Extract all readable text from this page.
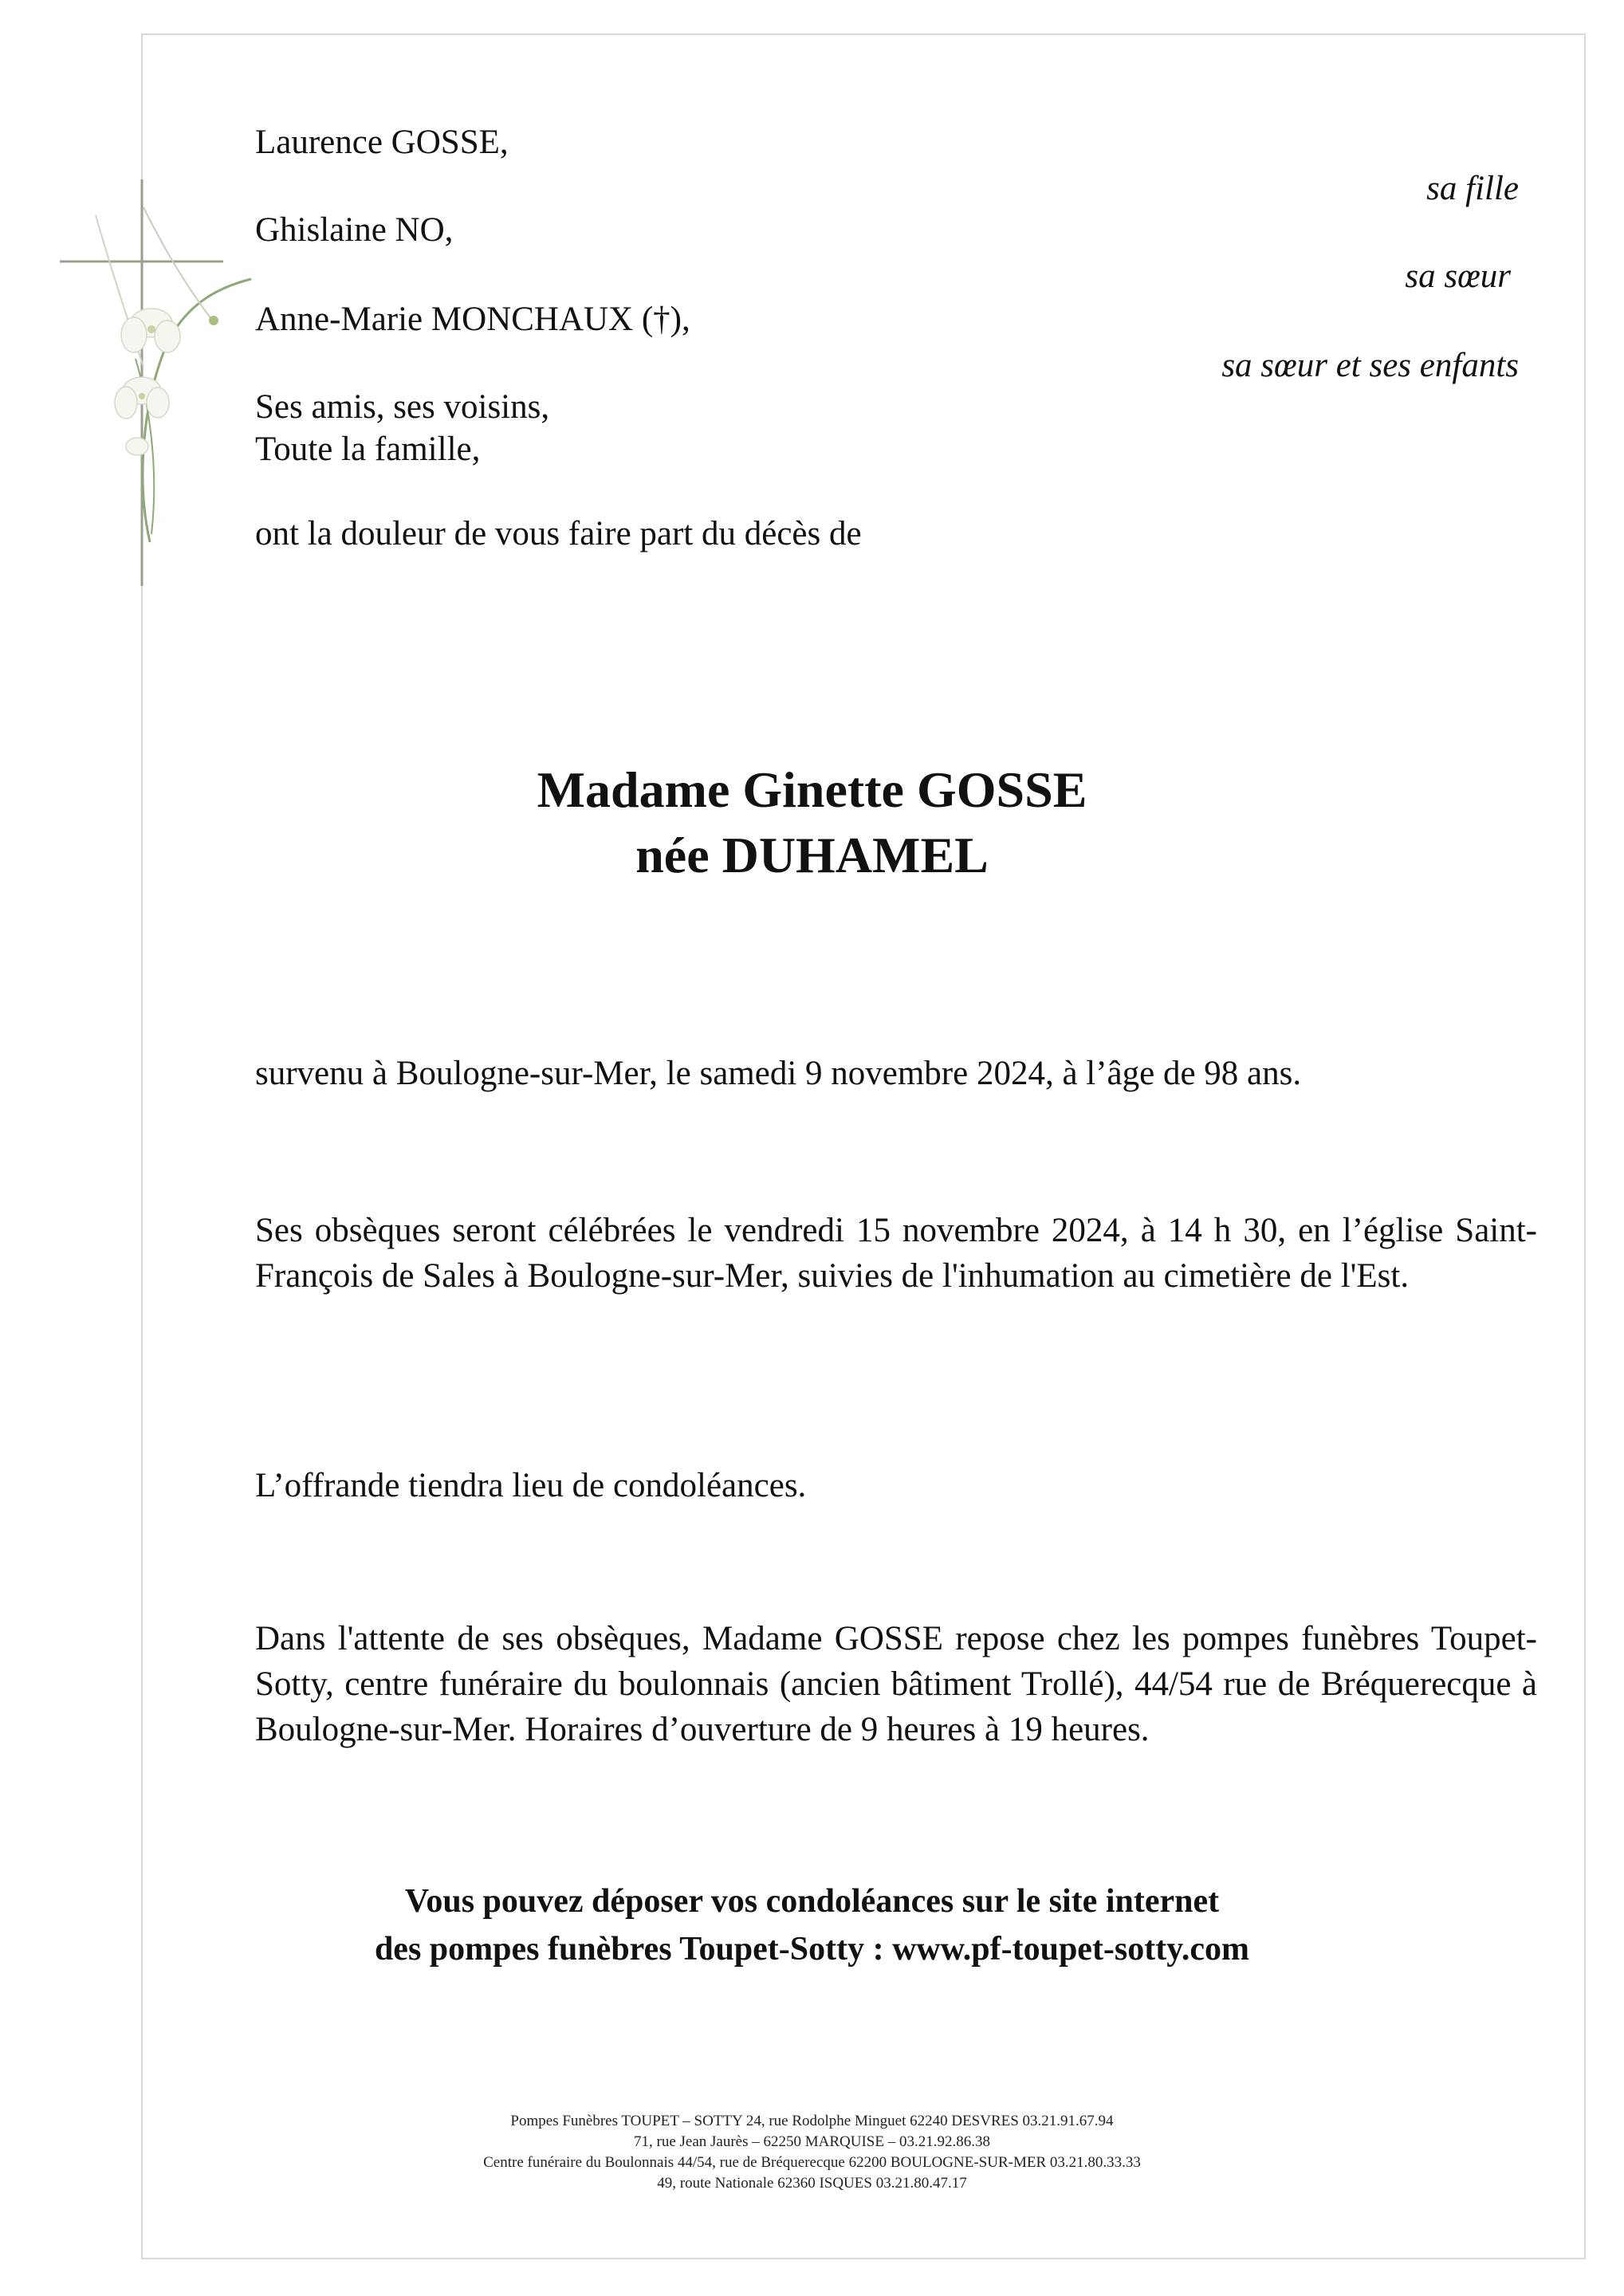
Laurence GOSSE,
sa fille
Ghislaine NO,
sa sœur
Anne-Marie MONCHAUX (†),
sa sœur et ses enfants
Ses amis, ses voisins,
Toute la famille,
ont la douleur de vous faire part du décès de
Madame Ginette GOSSE
née DUHAMEL
survenu à Boulogne-sur-Mer, le samedi 9 novembre 2024, à l’âge de 98 ans.
Ses obsèques seront célébrées le vendredi 15 novembre 2024, à 14 h 30, en l’église Saint-François de Sales à Boulogne-sur-Mer, suivies de l'inhumation au cimetière de l'Est.
L’offrande tiendra lieu de condoléances.
Dans l'attente de ses obsèques, Madame GOSSE repose chez les pompes funèbres Toupet-Sotty, centre funéraire du boulonnais (ancien bâtiment Trollé), 44/54 rue de Bréquerecque à Boulogne-sur-Mer. Horaires d’ouverture de 9 heures à 19 heures.
Vous pouvez déposer vos condoléances sur le site internet
des pompes funèbres Toupet-Sotty : www.pf-toupet-sotty.com
Pompes Funèbres TOUPET – SOTTY 24, rue Rodolphe Minguet 62240 DESVRES 03.21.91.67.94
71, rue Jean Jaurès – 62250 MARQUISE – 03.21.92.86.38
Centre funéraire du Boulonnais 44/54, rue de Bréquerecque 62200 BOULOGNE-SUR-MER 03.21.80.33.33
49, route Nationale 62360 ISQUES 03.21.80.47.17
